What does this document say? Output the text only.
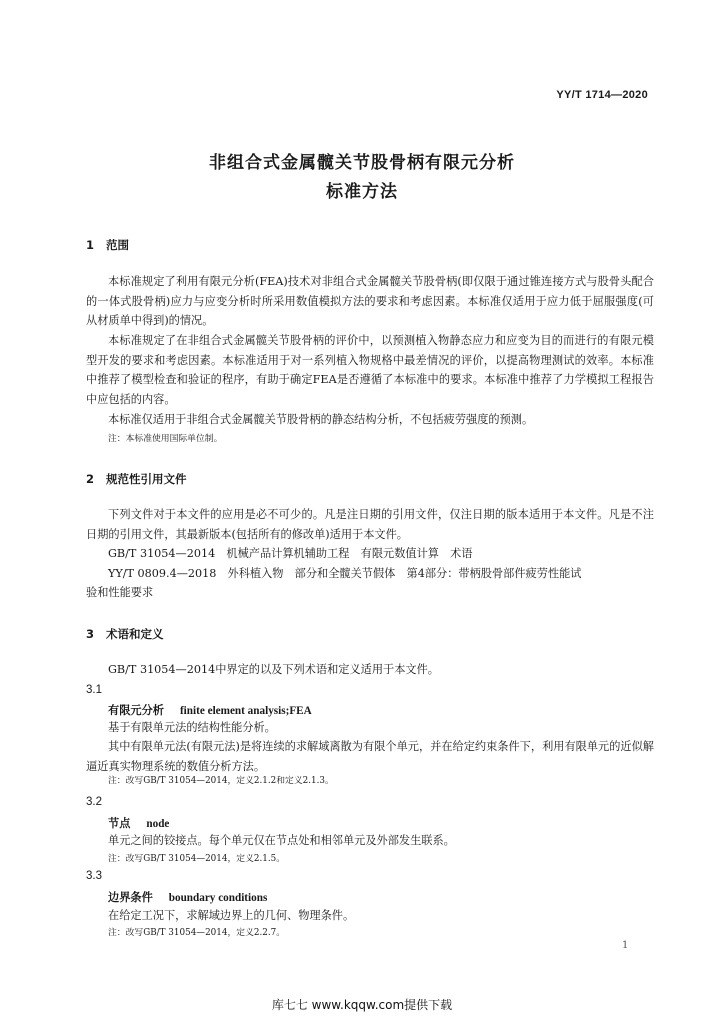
YY/T 1714—2020
非组合式金属髋关节股骨柄有限元分析
标准方法
1 范围
本标准规定了利用有限元分析(FEA)技术对非组合式金属髋关节股骨柄(即仅限于通过锥连接方式与股骨头配合的一体式股骨柄)应力与应变分析时所采用数值模拟方法的要求和考虑因素。本标准仅适用于应力低于屈服强度(可从材质单中得到)的情况。
本标准规定了在非组合式金属髋关节股骨柄的评价中，以预测植入物静态应力和应变为目的而进行的有限元模型开发的要求和考虑因素。本标准适用于对一系列植入物规格中最差情况的评价，以提高物理测试的效率。本标准中推荐了模型检查和验证的程序，有助于确定FEA是否遵循了本标准中的要求。本标准中推荐了力学模拟工程报告中应包括的内容。
本标准仅适用于非组合式金属髋关节股骨柄的静态结构分析，不包括疲劳强度的预测。
注：本标准使用国际单位制。
2 规范性引用文件
下列文件对于本文件的应用是必不可少的。凡是注日期的引用文件，仅注日期的版本适用于本文件。凡是不注日期的引用文件，其最新版本(包括所有的修改单)适用于本文件。
GB/T 31054—2014　机械产品计算机辅助工程　有限元数值计算　术语
YY/T 0809.4—2018　外科植入物　部分和全髋关节假体　第4部分：带柄股骨部件疲劳性能试
验和性能要求
3 术语和定义
GB/T 31054—2014中界定的以及下列术语和定义适用于本文件。
3.1
有限元分析 finite element analysis;FEA
基于有限单元法的结构性能分析。
其中有限单元法(有限元法)是将连续的求解域离散为有限个单元，并在给定约束条件下，利用有限单元的近似解逼近真实物理系统的数值分析方法。
注：改写GB/T 31054—2014，定义2.1.2和定义2.1.3。
3.2
节点 node
单元之间的铰接点。每个单元仅在节点处和相邻单元及外部发生联系。
注：改写GB/T 31054—2014，定义2.1.5。
3.3
边界条件 boundary conditions
在给定工况下，求解域边界上的几何、物理条件。
注：改写GB/T 31054—2014，定义2.2.7。
1
库七七 www.kqqw.com提供下载
